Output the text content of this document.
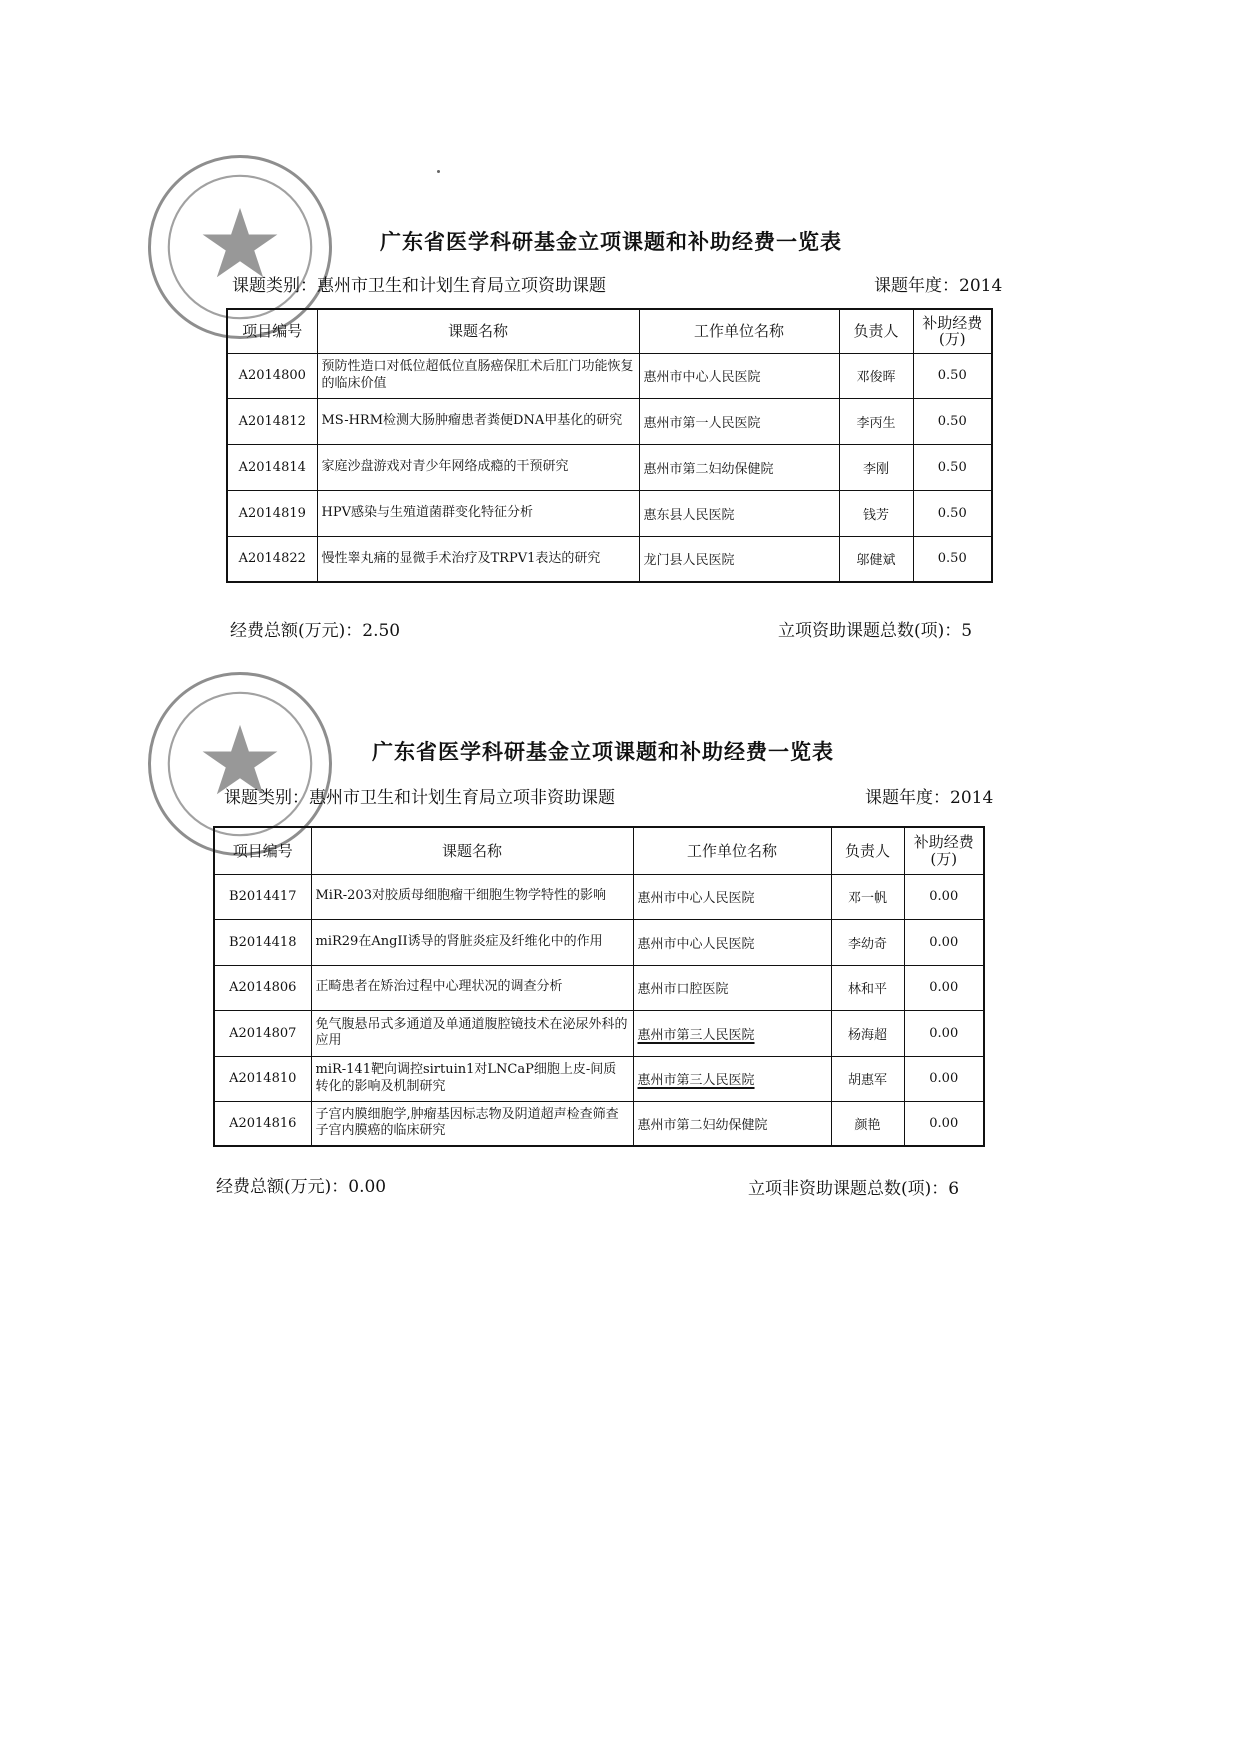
广东省医学科研基金立项课题和补助经费一览表
课题类别：惠州市卫生和计划生育局立项资助课题	课题年度：2014
项目编号	课题名称	工作单位名称	负责人	补助经费(万)
A2014800	预防性造口对低位超低位直肠癌保肛术后肛门功能恢复的临床价值	惠州市中心人民医院	邓俊晖	0.50
A2014812	MS-HRM检测大肠肿瘤患者粪便DNA甲基化的研究	惠州市第一人民医院	李丙生	0.50
A2014814	家庭沙盘游戏对青少年网络成瘾的干预研究	惠州市第二妇幼保健院	李刚	0.50
A2014819	HPV感染与生殖道菌群变化特征分析	惠东县人民医院	钱芳	0.50
A2014822	慢性睾丸痛的显微手术治疗及TRPV1表达的研究	龙门县人民医院	邬健斌	0.50
经费总额(万元)：2.50	立项资助课题总数(项)：5
广东省医学科研基金立项课题和补助经费一览表
课题类别：惠州市卫生和计划生育局立项非资助课题	课题年度：2014
项目编号	课题名称	工作单位名称	负责人	补助经费(万)
B2014417	MiR-203对胶质母细胞瘤干细胞生物学特性的影响	惠州市中心人民医院	邓一帆	0.00
B2014418	miR29在AngII诱导的肾脏炎症及纤维化中的作用	惠州市中心人民医院	李幼奇	0.00
A2014806	正畸患者在矫治过程中心理状况的调查分析	惠州市口腔医院	林和平	0.00
A2014807	免气腹悬吊式多通道及单通道腹腔镜技术在泌尿外科的应用	惠州市第三人民医院	杨海超	0.00
A2014810	miR-141靶向调控sirtuin1对LNCaP细胞上皮-间质转化的影响及机制研究	惠州市第三人民医院	胡惠军	0.00
A2014816	子宫内膜细胞学,肿瘤基因标志物及阴道超声检查筛查子宫内膜癌的临床研究	惠州市第二妇幼保健院	颜艳	0.00
经费总额(万元)：0.00	立项非资助课题总数(项)：6
